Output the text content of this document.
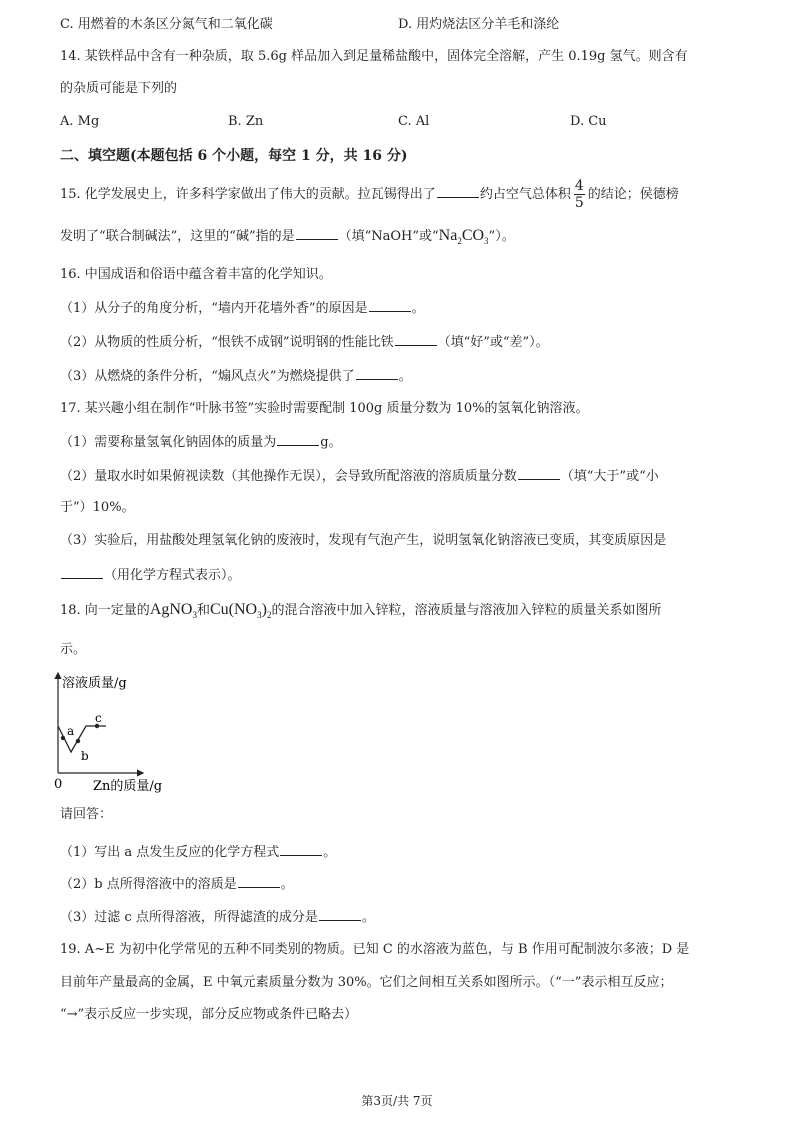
C. 用燃着的木条区分氮气和二氧化碳	D. 用灼烧法区分羊毛和涤纶
14. 某铁样品中含有一种杂质，取 5.6g 样品加入到足量稀盐酸中，固体完全溶解，产生 0.19g 氢气。则含有
的杂质可能是下列的
A. Mg	B. Zn	C. Al	D. Cu
二、填空题(本题包括 6 个小题，每空 1 分，共 16 分)
15. 化学发展史上，许多科学家做出了伟大的贡献。拉瓦锡得出了	约占空气总体积 $\frac{4}{5}$ 的结论；侯德榜
发明了“联合制碱法”，这里的“碱”指的是	（填“NaOH”或“$Na_2CO_3$”）。
16. 中国成语和俗语中蕴含着丰富的化学知识。
（1）从分子的角度分析，“墙内开花墙外香”的原因是	。
（2）从物质的性质分析，“恨铁不成钢”说明钢的性能比铁	（填“好”或“差”）。
（3）从燃烧的条件分析，“煽风点火”为燃烧提供了	。
17. 某兴趣小组在制作“叶脉书签”实验时需要配制 100g 质量分数为 10%的氢氧化钠溶液。
（1）需要称量氢氧化钠固体的质量为	g。
（2）量取水时如果俯视读数（其他操作无误），会导致所配溶液的溶质质量分数	（填“大于”或“小
于”）10%。
（3）实验后，用盐酸处理氢氧化钠的废液时，发现有气泡产生，说明氢氧化钠溶液已变质，其变质原因是
（用化学方程式表示）。
18. 向一定量的AgNO$_3$和$Cu(NO_3)_2$的混合溶液中加入锌粒，溶液质量与溶液加入锌粒的质量关系如图所
示。
a
b
c
溶液质量/g
0 Zn的质量/g
请回答：
（1）写出 a 点发生反应的化学方程式	。
（2）b 点所得溶液中的溶质是	。
（3）过滤 c 点所得溶液，所得滤渣的成分是	。
19. A~E 为初中化学常见的五种不同类别的物质。已知 C 的水溶液为蓝色，与 B 作用可配制波尔多液；D 是
目前年产量最高的金属，E 中氧元素质量分数为 30%。它们之间相互关系如图所示。（“一”表示相互反应；
“→”表示反应一步实现，部分反应物或条件已略去）
第3页/共 7页
